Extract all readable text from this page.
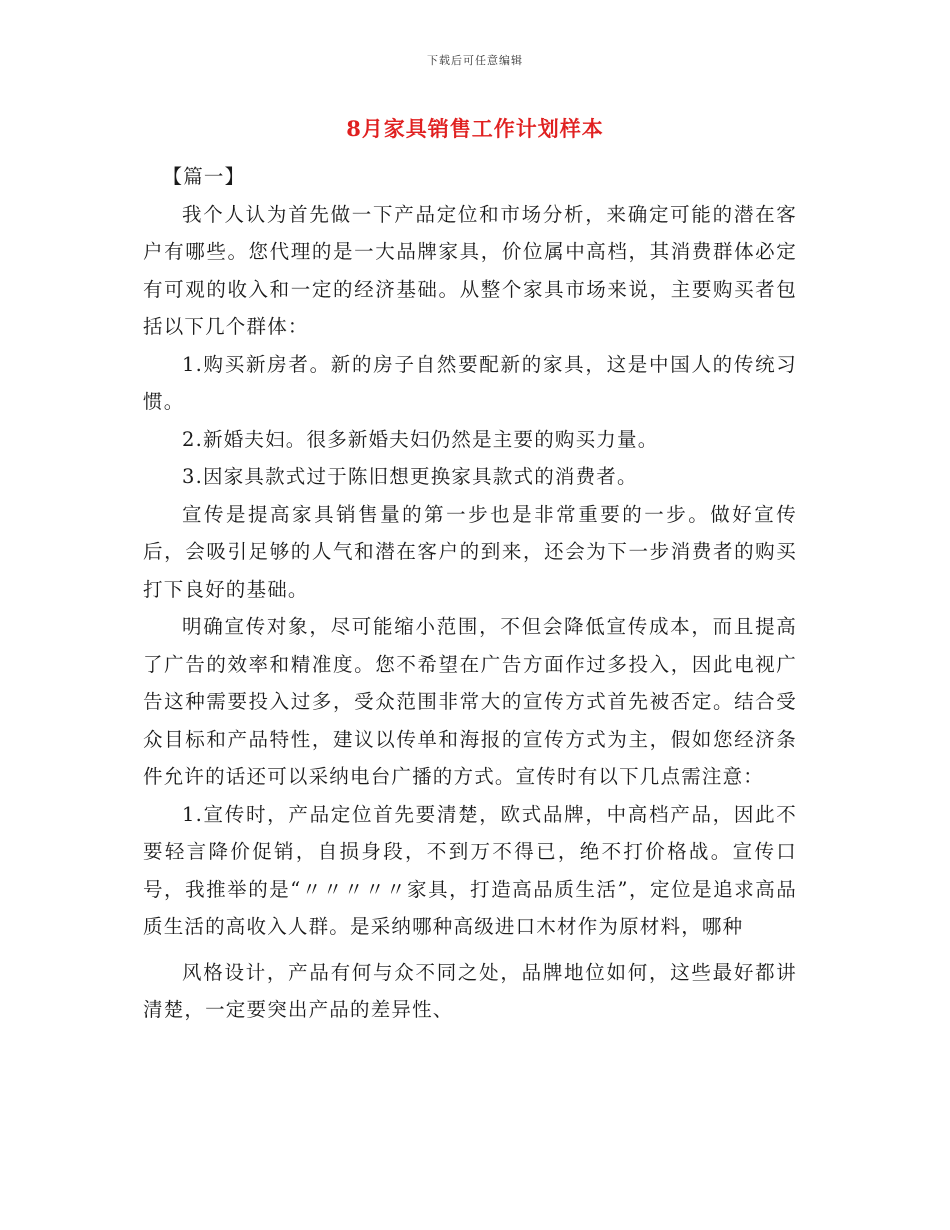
下载后可任意编辑
8月家具销售工作计划样本

【篇一】

我个人认为首先做一下产品定位和市场分析，来确定可能的潜在客户有哪些。您代理的是一大品牌家具，价位属中高档，其消费群体必定有可观的收入和一定的经济基础。从整个家具市场来说，主要购买者包括以下几个群体：

1.购买新房者。新的房子自然要配新的家具，这是中国人的传统习惯。

2.新婚夫妇。很多新婚夫妇仍然是主要的购买力量。

3.因家具款式过于陈旧想更换家具款式的消费者。

宣传是提高家具销售量的第一步也是非常重要的一步。做好宣传后，会吸引足够的人气和潜在客户的到来，还会为下一步消费者的购买打下良好的基础。

明确宣传对象，尽可能缩小范围，不但会降低宣传成本，而且提高了广告的效率和精准度。您不希望在广告方面作过多投入，因此电视广告这种需要投入过多，受众范围非常大的宣传方式首先被否定。结合受众目标和产品特性，建议以传单和海报的宣传方式为主，假如您经济条件允许的话还可以采纳电台广播的方式。宣传时有以下几点需注意：

1.宣传时，产品定位首先要清楚，欧式品牌，中高档产品，因此不要轻言降价促销，自损身段，不到万不得已，绝不打价格战。宣传口号，我推举的是“〃〃〃〃〃家具，打造高品质生活”，定位是追求高品质生活的高收入人群。是采纳哪种高级进口木材作为原材料，哪种

风格设计，产品有何与众不同之处，品牌地位如何，这些最好都讲清楚，一定要突出产品的差异性、
